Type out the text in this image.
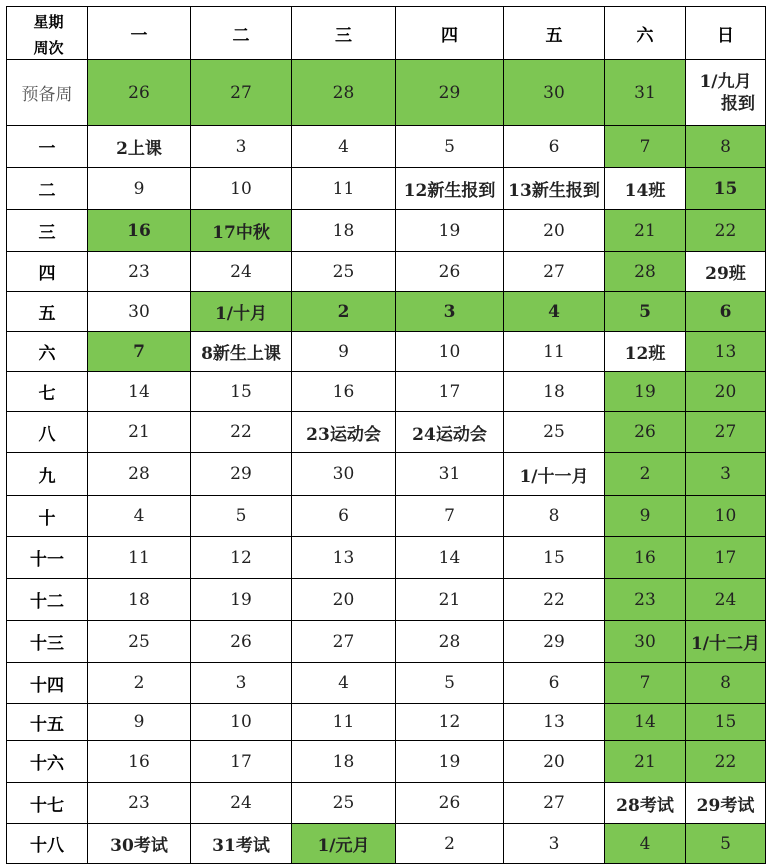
星期
周次	一	二	三	四	五	六	日
预备周	26	27	28	29	30	31	1/九月
报到

一	2上课	3	4	5	6	7	8
二	9	10	11	12新生报到	13新生报到	14班	15
三	16	17中秋	18	19	20	21	22
四	23	24	25	26	27	28	29班
五	30	1/十月	2	3	4	5	6
六	7	8新生上课	9	10	11	12班	13
七	14	15	16	17	18	19	20
八	21	22	23运动会	24运动会	25	26	27
九	28	29	30	31	1/十一月	2	3
十	4	5	6	7	8	9	10
十一	11	12	13	14	15	16	17
十二	18	19	20	21	22	23	24
十三	25	26	27	28	29	30	1/十二月
十四	2	3	4	5	6	7	8
十五	9	10	11	12	13	14	15
十六	16	17	18	19	20	21	22
十七	23	24	25	26	27	28考试	29考试
十八	30考试	31考试	1/元月	2	3	4	5
